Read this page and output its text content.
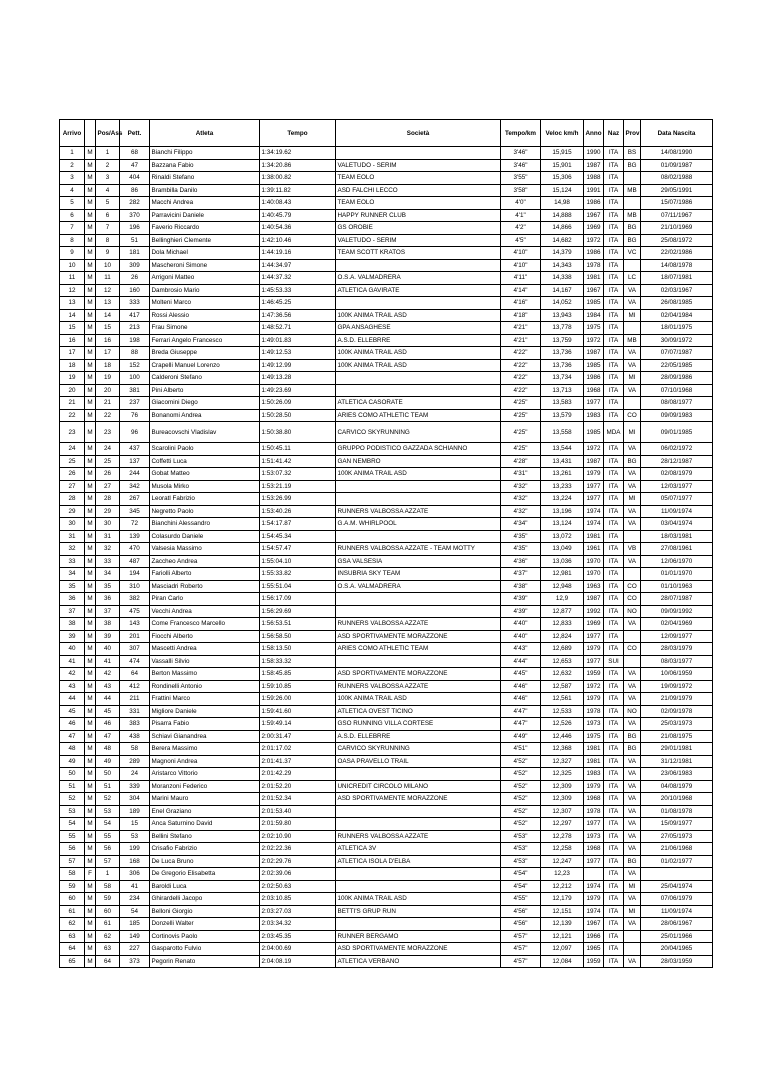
Arrivo		Pos/Ass	Pett.	Atleta	Tempo	Società	Tempo/km	Veloc km/h	Anno	Naz	Prov	Data Nascita
1	M	1	68	Bianchi Filippo	1:34:19.62		3'46"	15,915	1990	ITA	BS	14/08/1990
2	M	2	47	Bazzana Fabio	1:34:20.86	VALETUDO - SERIM	3'46"	15,901	1987	ITA	BG	01/09/1987
3	M	3	404	Rinaldi Stefano	1:38:00.82	TEAM EOLO	3'55"	15,306	1988	ITA		08/02/1988
4	M	4	86	Brambilla Danilo	1:39:11.82	ASD FALCHI LECCO	3'58"	15,124	1991	ITA	MB	29/05/1991
5	M	5	282	Macchi Andrea	1:40:08.43	TEAM EOLO	4'0"	14,98	1986	ITA		15/07/1986
6	M	6	370	Parravicini Daniele	1:40:45.79	HAPPY RUNNER CLUB	4'1"	14,888	1967	ITA	MB	07/11/1967
7	M	7	196	Faverio Riccardo	1:40:54.36	GS OROBIE	4'2"	14,866	1969	ITA	BG	21/10/1969
8	M	8	51	Bellinghieri Clemente	1:42:10.46	VALETUDO - SERIM	4'5"	14,682	1972	ITA	BG	25/08/1972
9	M	9	181	Dola Michael	1:44:19.16	TEAM SCOTT KRATOS	4'10"	14,379	1986	ITA	VC	22/02/1986
10	M	10	309	Mascheroni Simone	1:44:34.97		4'10"	14,343	1978	ITA		14/08/1978
11	M	11	26	Arrigoni Matteo	1:44:37.32	O.S.A. VALMADRERA	4'11"	14,338	1981	ITA	LC	18/07/1981
12	M	12	160	Dambrosio Mario	1:45:53.33	ATLETICA GAVIRATE	4'14"	14,167	1967	ITA	VA	02/03/1967
13	M	13	333	Molteni Marco	1:46:45.25		4'16"	14,052	1985	ITA	VA	26/08/1985
14	M	14	417	Rossi Alessio	1:47:36.56	100K ANIMA TRAIL ASD	4'18"	13,943	1984	ITA	MI	02/04/1984
15	M	15	213	Frau Simone	1:48:52.71	GPA ANSAGHESE	4'21"	13,778	1975	ITA		18/01/1975
16	M	16	198	Ferrari Angelo Francesco	1:49:01.83	A.S.D. ELLEBRRE	4'21"	13,759	1972	ITA	MB	30/09/1972
17	M	17	88	Breda Giuseppe	1:49:12.53	100K ANIMA TRAIL ASD	4'22"	13,736	1987	ITA	VA	07/07/1987
18	M	18	152	Crapelli Manuel Lorenzo	1:49:12.99	100K ANIMA TRAIL ASD	4'22"	13,736	1985	ITA	VA	22/05/1985
19	M	19	100	Calderoni Stefano	1:49:13.28		4'22"	13,734	1986	ITA	MI	28/09/1986
20	M	20	381	Pini Alberto	1:49:23.69		4'22"	13,713	1968	ITA	VA	07/10/1968
21	M	21	237	Giacomini Diego	1:50:26.09	ATLETICA CASORATE	4'25"	13,583	1977	ITA		08/08/1977
22	M	22	76	Bonanomi Andrea	1:50:28.50	ARIES COMO ATHLETIC TEAM	4'25"	13,579	1983	ITA	CO	09/09/1983
23	M	23	96	Bureacovschi Vladislav	1:50:38.80	CARVICO SKYRUNNING	4'25"	13,558	1985	MDA	MI	09/01/1985
24	M	24	437	Scarolini Paolo	1:50:45.11	GRUPPO PODISTICO GAZZADA SCHIANNO	4'25"	13,544	1972	ITA	VA	06/02/1972
25	M	25	137	Coffetti Luca	1:51:41.42	GAN NEMBRO	4'28"	13,431	1987	ITA	BG	28/12/1987
26	M	26	244	Gobat Matteo	1:53:07.32	100K ANIMA TRAIL ASD	4'31"	13,261	1979	ITA	VA	02/08/1979
27	M	27	342	Musola Mirko	1:53:21.19		4'32"	13,233	1977	ITA	VA	12/03/1977
28	M	28	267	Leoratl Fabrizio	1:53:26.99		4'32"	13,224	1977	ITA	MI	05/07/1977
29	M	29	345	Negretto Paolo	1:53:40.26	RUNNERS VALBOSSA AZZATE	4'32"	13,196	1974	ITA	VA	11/09/1974
30	M	30	72	Bianchini Alessandro	1:54:17.87	G.A.M. WHIRLPOOL	4'34"	13,124	1974	ITA	VA	03/04/1974
31	M	31	139	Colasurdo Daniele	1:54:45.34		4'35"	13,072	1981	ITA		18/03/1981
32	M	32	470	Valsesia Massimo	1:54:57.47	RUNNERS VALBOSSA AZZATE - TEAM MOTTY	4'35"	13,049	1961	ITA	VB	27/08/1961
33	M	33	487	Zaccheo Andrea	1:55:04.10	GSA VALSESIA	4'36"	13,036	1970	ITA	VA	12/06/1970
34	M	34	194	Fariolli Alberto	1:55:33.82	INSUBRIA SKY TEAM	4'37"	12,981	1970	ITA		01/01/1970
35	M	35	310	Masciadri Roberto	1:55:51.04	O.S.A. VALMADRERA	4'38"	12,948	1963	ITA	CO	01/10/1963
36	M	36	382	Piran Carlo	1:56:17.09		4'39"	12,9	1987	ITA	CO	28/07/1987
37	M	37	475	Vecchi Andrea	1:56:29.69		4'39"	12,877	1992	ITA	NO	09/09/1992
38	M	38	143	Come Francesco Marcello	1:56:53.51	RUNNERS VALBOSSA AZZATE	4'40"	12,833	1969	ITA	VA	02/04/1969
39	M	39	201	Fiocchi Alberto	1:56:58.50	ASD SPORTIVAMENTE MORAZZONE	4'40"	12,824	1977	ITA		12/09/1977
40	M	40	307	Mascetti Andrea	1:58:13.50	ARIES COMO ATHLETIC TEAM	4'43"	12,689	1979	ITA	CO	28/03/1979
41	M	41	474	Vassalli Silvio	1:58:33.32		4'44"	12,653	1977	SUI		08/03/1977
42	M	42	64	Berton Massimo	1:58:45.85	ASD SPORTIVAMENTE MORAZZONE	4'45"	12,632	1959	ITA	VA	10/06/1959
43	M	43	412	Rondinelli Antonio	1:59:10.85	RUNNERS VALBOSSA AZZATE	4'46"	12,587	1972	ITA	VA	19/09/1972
44	M	44	211	Frattini Marco	1:59:26.00	100K ANIMA TRAIL ASD	4'46"	12,561	1979	ITA	VA	21/09/1979
45	M	45	331	Migliore Daniele	1:59:41.60	ATLETICA OVEST TICINO	4'47"	12,533	1978	ITA	NO	02/09/1978
46	M	46	383	Pisarra Fabio	1:59:49.14	GSO RUNNING VILLA CORTESE	4'47"	12,526	1973	ITA	VA	25/03/1973
47	M	47	438	Schiavi Gianandrea	2:00:31.47	A.S.D. ELLEBRRE	4'49"	12,446	1975	ITA	BG	21/08/1975
48	M	48	58	Berera Massimo	2:01:17.02	CARVICO SKYRUNNING	4'51"	12,368	1981	ITA	BG	29/01/1981
49	M	49	289	Magnoni Andrea	2:01:41.37	OASA PRAVELLO TRAIL	4'52"	12,327	1981	ITA	VA	31/12/1981
50	M	50	24	Aristarco Vittorio	2:01:42.29		4'52"	12,325	1983	ITA	VA	23/06/1983
51	M	51	339	Moranzoni Federico	2:01:52.20	UNICREDIT CIRCOLO MILANO	4'52"	12,309	1979	ITA	VA	04/08/1979
52	M	52	304	Marini Mauro	2:01:52.34	ASD SPORTIVAMENTE MORAZZONE	4'52"	12,309	1968	ITA	VA	20/10/1968
53	M	53	189	Enel Graziano	2:01:53.40		4'52"	12,307	1978	ITA	VA	01/08/1978
54	M	54	15	Anca Saturnino David	2:01:59.80		4'52"	12,297	1977	ITA	VA	15/09/1977
55	M	55	53	Bellini Stefano	2:02:10.90	RUNNERS VALBOSSA AZZATE	4'53"	12,278	1973	ITA	VA	27/05/1973
56	M	56	199	Crisafio Fabrizio	2:02:22.36	ATLETICA 3V	4'53"	12,258	1968	ITA	VA	21/06/1968
57	M	57	168	De Luca Bruno	2:02:29.76	ATLETICA ISOLA D'ELBA	4'53"	12,247	1977	ITA	BG	01/02/1977
58	F	1	306	De Gregorio Elisabetta	2:02:39.06		4'54"	12,23		ITA	VA	
59	M	58	41	Baroldi Luca	2:02:50.63		4'54"	12,212	1974	ITA	MI	25/04/1974
60	M	59	234	Ghirardelli Jacopo	2:03:10.85	100K ANIMA TRAIL ASD	4'55"	12,179	1979	ITA	VA	07/06/1979
61	M	60	54	Belloni Giorgio	2:03:27.03	BETTI'S GRUP RUN	4'56"	12,151	1974	ITA	MI	11/09/1974
62	M	61	185	Donzelli Walter	2:03:34.32		4'56"	12,139	1967	ITA	VA	28/06/1967
63	M	62	149	Cortinovis Paolo	2:03:45.35	RUNNER BERGAMO	4'57"	12,121	1966	ITA		25/01/1966
64	M	63	227	Gasparotto Fulvio	2:04:00.69	ASD SPORTIVAMENTE MORAZZONE	4'57"	12,097	1965	ITA		20/04/1965
65	M	64	373	Pegorin Renato	2:04:08.19	ATLETICA VERBANO	4'57"	12,084	1959	ITA	VA	28/03/1959
